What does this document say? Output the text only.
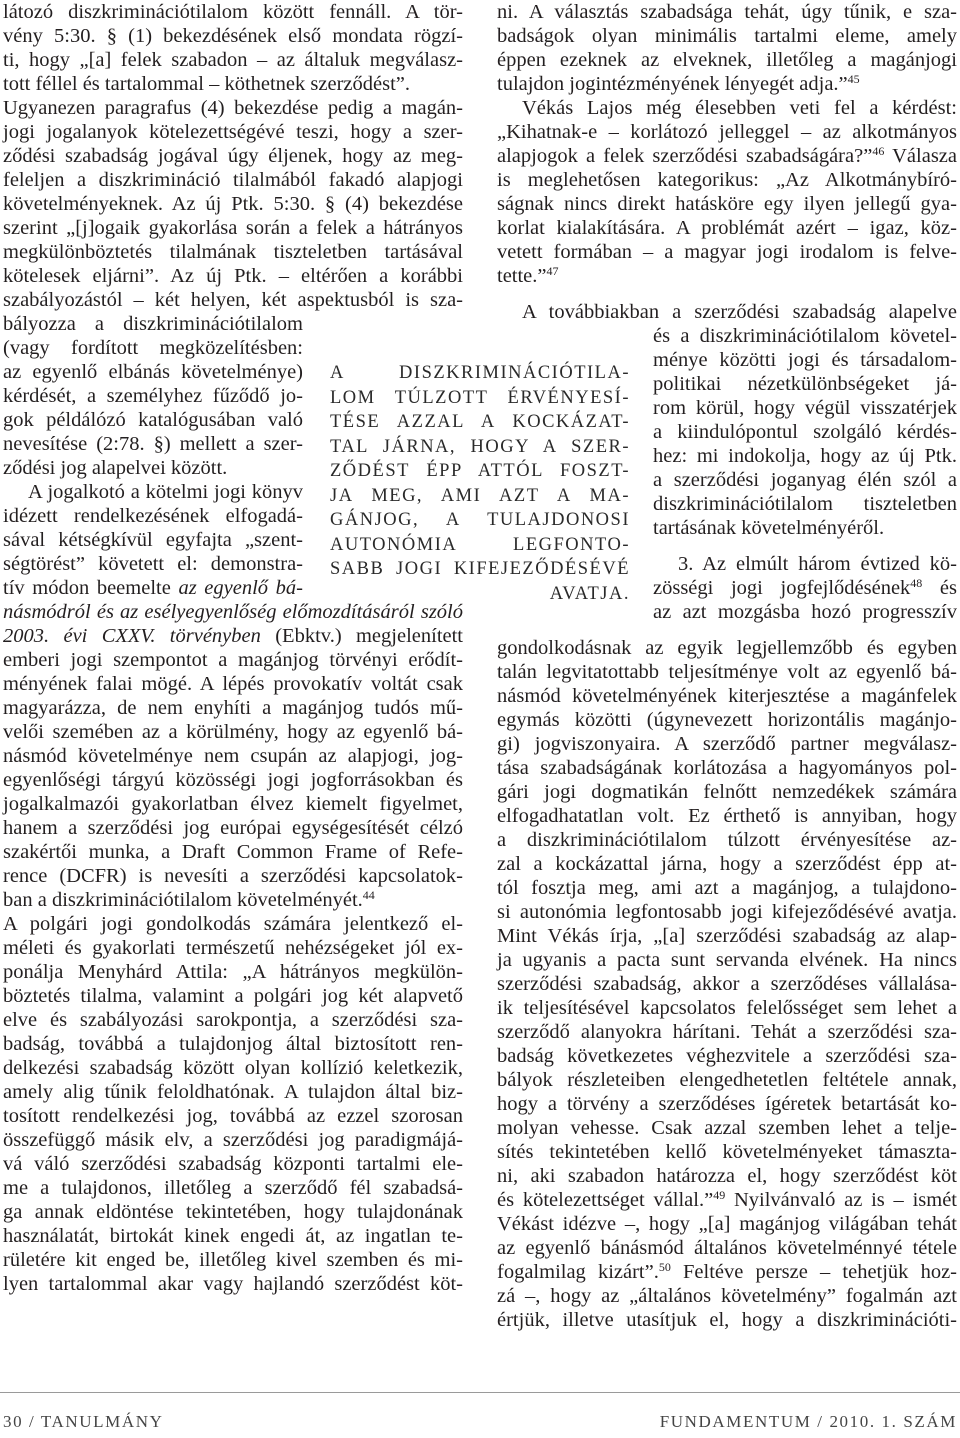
látozó diszkriminációtilalom között fennáll. A tör-
vény 5:30. § (1) bekezdésének első mondata rögzí-
ti, hogy „[a] felek szabadon – az általuk megválasz-
tott féllel és tartalommal – köthetnek szerződést”.
Ugyanezen paragrafus (4) bekezdése pedig a magán-
jogi jogalanyok kötelezettségévé teszi, hogy a szer-
ződési szabadság jogával úgy éljenek, hogy az meg-
feleljen a diszkrimináció tilalmából fakadó alapjogi
követelményeknek. Az új Ptk. 5:30. § (4) bekezdése
szerint „[j]ogaik gyakorlása során a felek a hátrányos
megkülönböztetés tilalmának tiszteletben tartásával
kötelesek eljárni”. Az új Ptk. – eltérően a korábbi
szabályozástól – két helyen, két aspektusból is sza-
bályozza a diszkriminációtilalom
(vagy fordított megközelítésben:
az egyenlő elbánás követelménye)
kérdését, a személyhez fűződő jo-
gok példálózó katalógusában való
nevesítése (2:78. §) mellett a szer-
ződési jog alapelvei között.
A jogalkotó a kötelmi jogi könyv
idézett rendelkezésének elfogadá-
sával kétségkívül egyfajta „szent-
ségtörést” követett el: demonstra-
tív módon beemelte az egyenlő bá-
násmódról és az esélyegyenlőség előmozdításáról szóló
2003. évi CXXV. törvényben (Ebktv.) megjelenített
emberi jogi szempontot a magánjog törvényi erődít-
ményének falai mögé. A lépés provokatív voltát csak
magyarázza, de nem enyhíti a magánjog tudós mű-
velői szemében az a körülmény, hogy az egyenlő bá-
násmód követelménye nem csupán az alapjogi, jog-
egyenlőségi tárgyú közösségi jogi jogforrásokban és
jogalkalmazói gyakorlatban élvez kiemelt figyelmet,
hanem a szerződési jog európai egységesítését célzó
szakértői munka, a Draft Common Frame of Refe-
rence (DCFR) is nevesíti a szerződési kapcsolatok-
ban a diszkriminációtilalom követelményét.$^{44}$
A polgári jogi gondolkodás számára jelentkező el-
méleti és gyakorlati természetű nehézségeket jól ex-
ponálja Menyhárd Attila: „A hátrányos megkülön-
böztetés tilalma, valamint a polgári jog két alapvető
elve és szabályozási sarokpontja, a szerződési sza-
badság, továbbá a tulajdonjog által biztosított ren-
delkezési szabadság között olyan kollízió keletkezik,
amely alig tűnik feloldhatónak. A tulajdon által biz-
tosított rendelkezési jog, továbbá az ezzel szorosan
összefüggő másik elv, a szerződési jog paradigmájá-
vá váló szerződési szabadság központi tartalmi ele-
me a tulajdonos, illetőleg a szerződő fél szabadsá-
ga annak eldöntése tekintetében, hogy tulajdonának
használatát, birtokát kinek engedi át, az ingatlan te-
rületére kit enged be, illetőleg kivel szemben és mi-
lyen tartalommal akar vagy hajlandó szerződést köt-
A DISZKRIMINÁCIÓTILA-
LOM TÚLZOTT ÉRVÉNYESÍ-
TÉSE AZZAL A KOCKÁZAT-
TAL JÁRNA, HOGY A SZER-
ZŐDÉST ÉPP ATTÓL FOSZT-
JA MEG, AMI AZT A MA-
GÁNJOG, A TULAJDONOSI
AUTONÓMIA LEGFONTO-
SABB JOGI KIFEJEZŐDÉSÉVÉ
AVATJA.
ni. A választás szabadsága tehát, úgy tűnik, e sza-
badságok olyan minimális tartalmi eleme, amely
éppen ezeknek az elveknek, illetőleg a magánjogi
tulajdon jogintézményének lényegét adja.”$^{45}$
Vékás Lajos még élesebben veti fel a kérdést:
„Kihatnak-e – korlátozó jelleggel – az alkotmányos
alapjogok a felek szerződési szabadságára?”$^{46}$ Válasza
is meglehetősen kategorikus: „Az Alkotmánybíró-
ságnak nincs direkt hatásköre egy ilyen jellegű gya-
korlat kialakítására. A problémát azért – igaz, köz-
vetett formában – a magyar jogi irodalom is felve-
tette.”$^{47}$
A továbbiakban a szerződési szabadság alapelve
és a diszkriminációtilalom követel-
ménye közötti jogi és társadalom-
politikai nézetkülönbségeket já-
rom körül, hogy végül visszatérjek
a kiindulópontul szolgáló kérdés-
hez: mi indokolja, hogy az új Ptk.
a szerződési joganyag élén szól a
diszkriminációtilalom tiszteletben
tartásának követelményéről.
3. Az elmúlt három évtized kö-
zösségi jogi jogfejlődésének$^{48}$ és
az azt mozgásba hozó progresszív
gondolkodásnak az egyik legjellemzőbb és egyben
talán legvitatottabb teljesítménye volt az egyenlő bá-
násmód követelményének kiterjesztése a magánfelek
egymás közötti (úgynevezett horizontális magánjo-
gi) jogviszonyaira. A szerződő partner megválasz-
tása szabadságának korlátozása a hagyományos pol-
gári jogi dogmatikán felnőtt nemzedékek számára
elfogadhatatlan volt. Ez érthető is annyiban, hogy
a diszkriminációtilalom túlzott érvényesítése az-
zal a kockázattal járna, hogy a szerződést épp at-
tól fosztja meg, ami azt a magánjog, a tulajdono-
si autonómia legfontosabb jogi kifejeződésévé avatja.
Mint Vékás írja, „[a] szerződési szabadság az alap-
ja ugyanis a pacta sunt servanda elvének. Ha nincs
szerződési szabadság, akkor a szerződéses vállalása-
ik teljesítésével kapcsolatos felelősséget sem lehet a
szerződő alanyokra hárítani. Tehát a szerződési sza-
badság következetes véghezvitele a szerződési sza-
bályok részleteiben elengedhetetlen feltétele annak,
hogy a törvény a szerződéses ígéretek betartását ko-
molyan vehesse. Csak azzal szemben lehet a telje-
sítés tekintetében kellő követelményeket támaszta-
ni, aki szabadon határozza el, hogy szerződést köt
és kötelezettséget vállal.”$^{49}$ Nyilvánvaló az is – ismét
Vékást idézve –, hogy „[a] magánjog világában tehát
az egyenlő bánásmód általános követelménnyé tétele
fogalmilag kizárt”.$^{50}$ Feltéve persze – tehetjük hoz-
zá –, hogy az „általános követelmény” fogalmán azt
értjük, illetve utasítjuk el, hogy a diszkriminációti-
30 / TANULMÁNY	FUNDAMENTUM / 2010. 1. SZÁM
